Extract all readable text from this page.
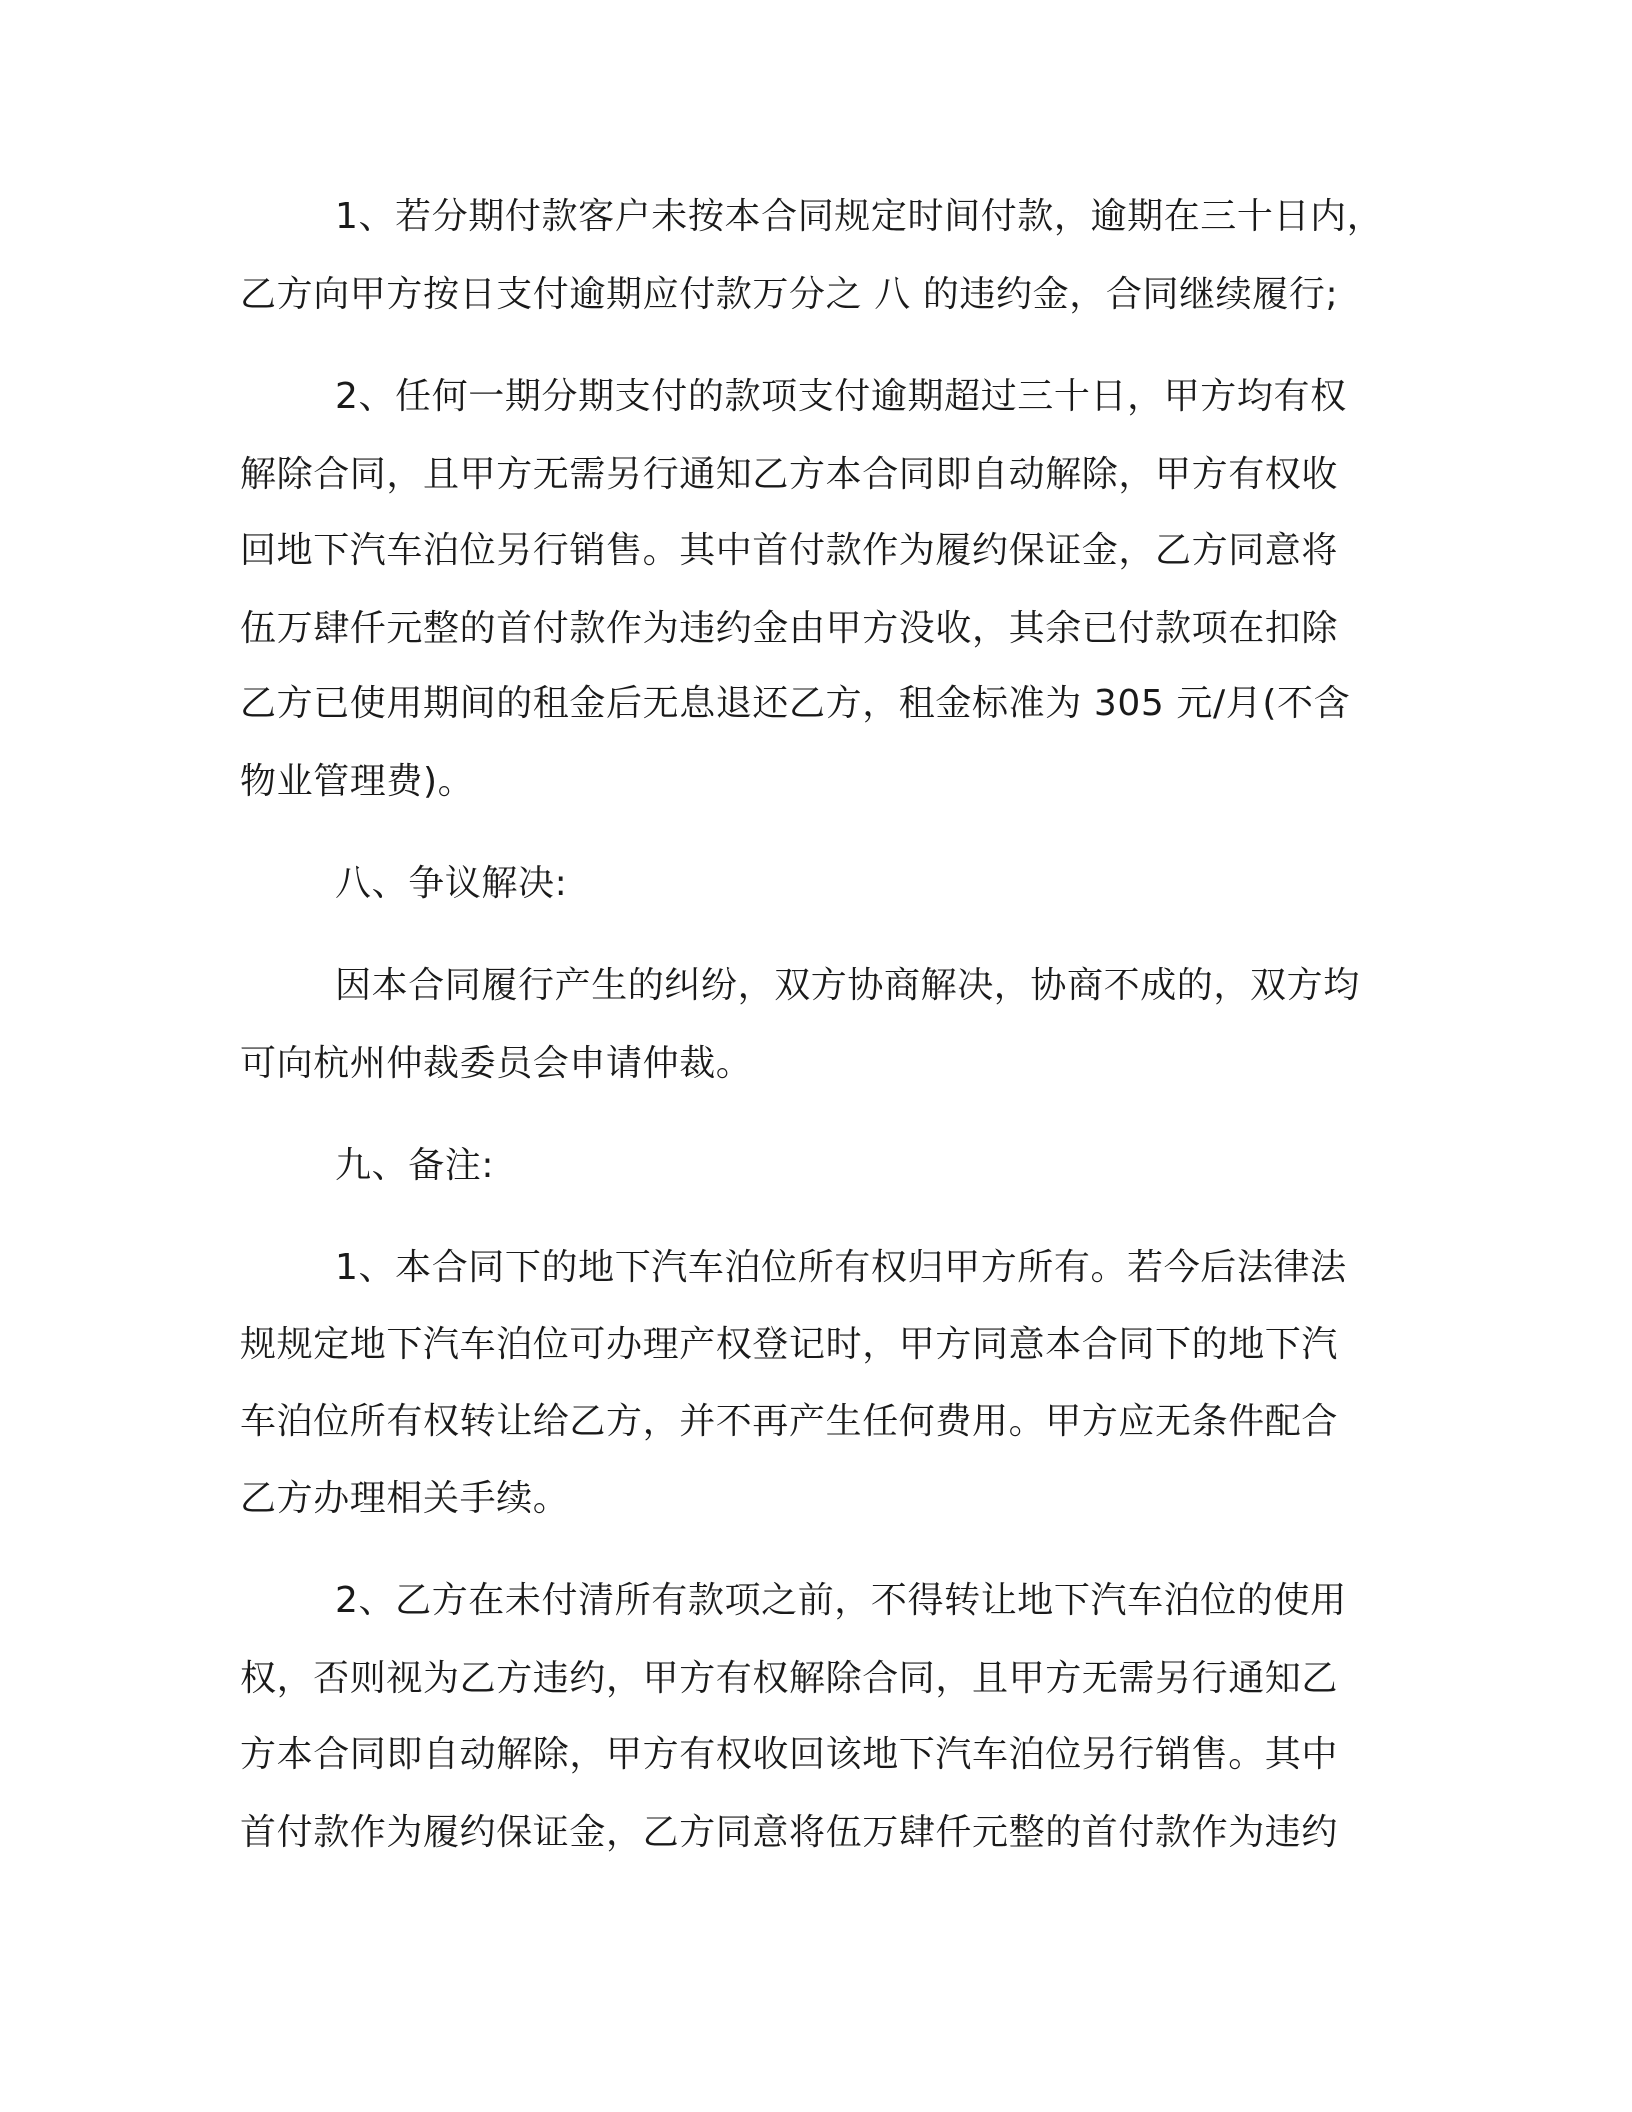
1、若分期付款客户未按本合同规定时间付款，逾期在三十日内，
乙方向甲方按日支付逾期应付款万分之 八 的违约金，合同继续履行;
2、任何一期分期支付的款项支付逾期超过三十日，甲方均有权
解除合同，且甲方无需另行通知乙方本合同即自动解除，甲方有权收
回地下汽车泊位另行销售。其中首付款作为履约保证金，乙方同意将
伍万肆仟元整的首付款作为违约金由甲方没收，其余已付款项在扣除
乙方已使用期间的租金后无息退还乙方，租金标准为 305 元/月(不含
物业管理费)。
八、争议解决:
因本合同履行产生的纠纷，双方协商解决，协商不成的，双方均
可向杭州仲裁委员会申请仲裁。
九、备注:
1、本合同下的地下汽车泊位所有权归甲方所有。若今后法律法
规规定地下汽车泊位可办理产权登记时，甲方同意本合同下的地下汽
车泊位所有权转让给乙方，并不再产生任何费用。甲方应无条件配合
乙方办理相关手续。
2、乙方在未付清所有款项之前，不得转让地下汽车泊位的使用
权，否则视为乙方违约，甲方有权解除合同，且甲方无需另行通知乙
方本合同即自动解除，甲方有权收回该地下汽车泊位另行销售。其中
首付款作为履约保证金，乙方同意将伍万肆仟元整的首付款作为违约
